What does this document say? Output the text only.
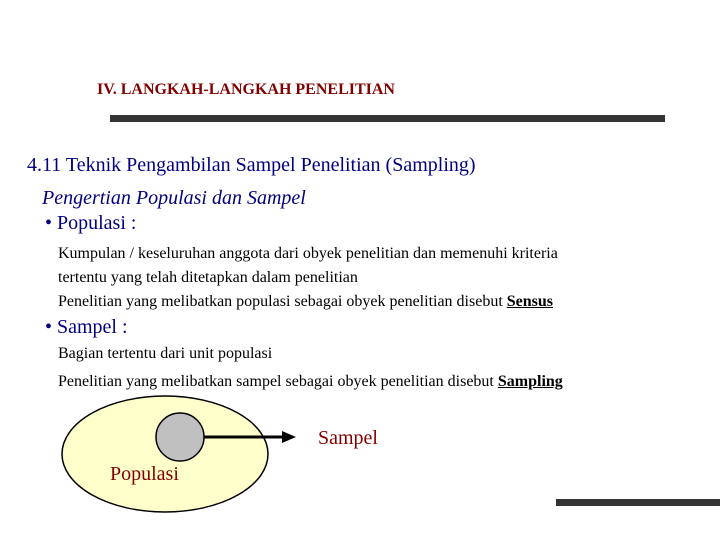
IV. LANGKAH-LANGKAH PENELITIAN
4.11 Teknik Pengambilan Sampel Penelitian (Sampling)
Pengertian Populasi dan Sampel
• Populasi :
Kumpulan / keseluruhan anggota dari obyek penelitian dan memenuhi kriteria
tertentu yang telah ditetapkan dalam penelitian
Penelitian yang melibatkan populasi sebagai obyek penelitian disebut Sensus
• Sampel :
Bagian tertentu dari unit populasi
Penelitian yang melibatkan sampel sebagai obyek penelitian disebut Sampling
Sampel
Populasi
